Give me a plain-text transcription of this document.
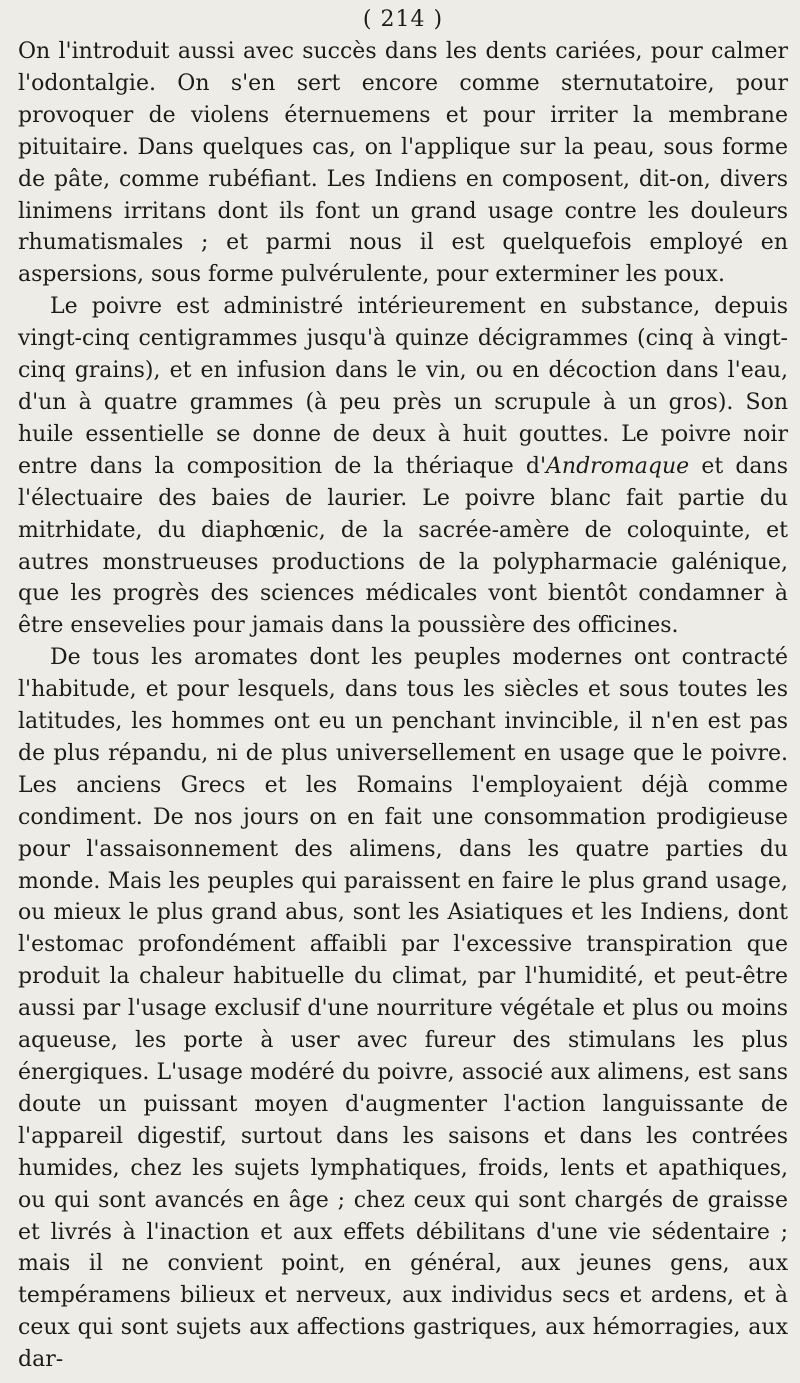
( 214 )

On l'introduit aussi avec succès dans les dents cariées, pour calmer l'odontalgie. On s'en sert encore comme sternutatoire, pour provoquer de violens éternuemens et pour irriter la membrane pituitaire. Dans quelques cas, on l'applique sur la peau, sous forme de pâte, comme rubéfiant. Les Indiens en composent, dit-on, divers linimens irritans dont ils font un grand usage contre les douleurs rhumatismales ; et parmi nous il est quelquefois employé en aspersions, sous forme pulvérulente, pour exterminer les poux.

Le poivre est administré intérieurement en substance, depuis vingt-cinq centigrammes jusqu'à quinze décigrammes (cinq à vingt-cinq grains), et en infusion dans le vin, ou en décoction dans l'eau, d'un à quatre grammes (à peu près un scrupule à un gros). Son huile essentielle se donne de deux à huit gouttes. Le poivre noir entre dans la composition de la thériaque d'Andromaque et dans l'électuaire des baies de laurier. Le poivre blanc fait partie du mitrhidate, du diaphœnic, de la sacrée-amère de coloquinte, et autres monstrueuses productions de la polypharmacie galénique, que les progrès des sciences médicales vont bientôt condamner à être ensevelies pour jamais dans la poussière des officines.

De tous les aromates dont les peuples modernes ont contracté l'habitude, et pour lesquels, dans tous les siècles et sous toutes les latitudes, les hommes ont eu un penchant invincible, il n'en est pas de plus répandu, ni de plus universellement en usage que le poivre. Les anciens Grecs et les Romains l'employaient déjà comme condiment. De nos jours on en fait une consommation prodigieuse pour l'assaisonnement des alimens, dans les quatre parties du monde. Mais les peuples qui paraissent en faire le plus grand usage, ou mieux le plus grand abus, sont les Asiatiques et les Indiens, dont l'estomac profondément affaibli par l'excessive transpiration que produit la chaleur habituelle du climat, par l'humidité, et peut-être aussi par l'usage exclusif d'une nourriture végétale et plus ou moins aqueuse, les porte à user avec fureur des stimulans les plus énergiques. L'usage modéré du poivre, associé aux alimens, est sans doute un puissant moyen d'augmenter l'action languissante de l'appareil digestif, surtout dans les saisons et dans les contrées humides, chez les sujets lymphatiques, froids, lents et apathiques, ou qui sont avancés en âge ; chez ceux qui sont chargés de graisse et livrés à l'inaction et aux effets débilitans d'une vie sédentaire ; mais il ne convient point, en général, aux jeunes gens, aux tempéramens bilieux et nerveux, aux individus secs et ardens, et à ceux qui sont sujets aux affections gastriques, aux hémorragies, aux dar-
